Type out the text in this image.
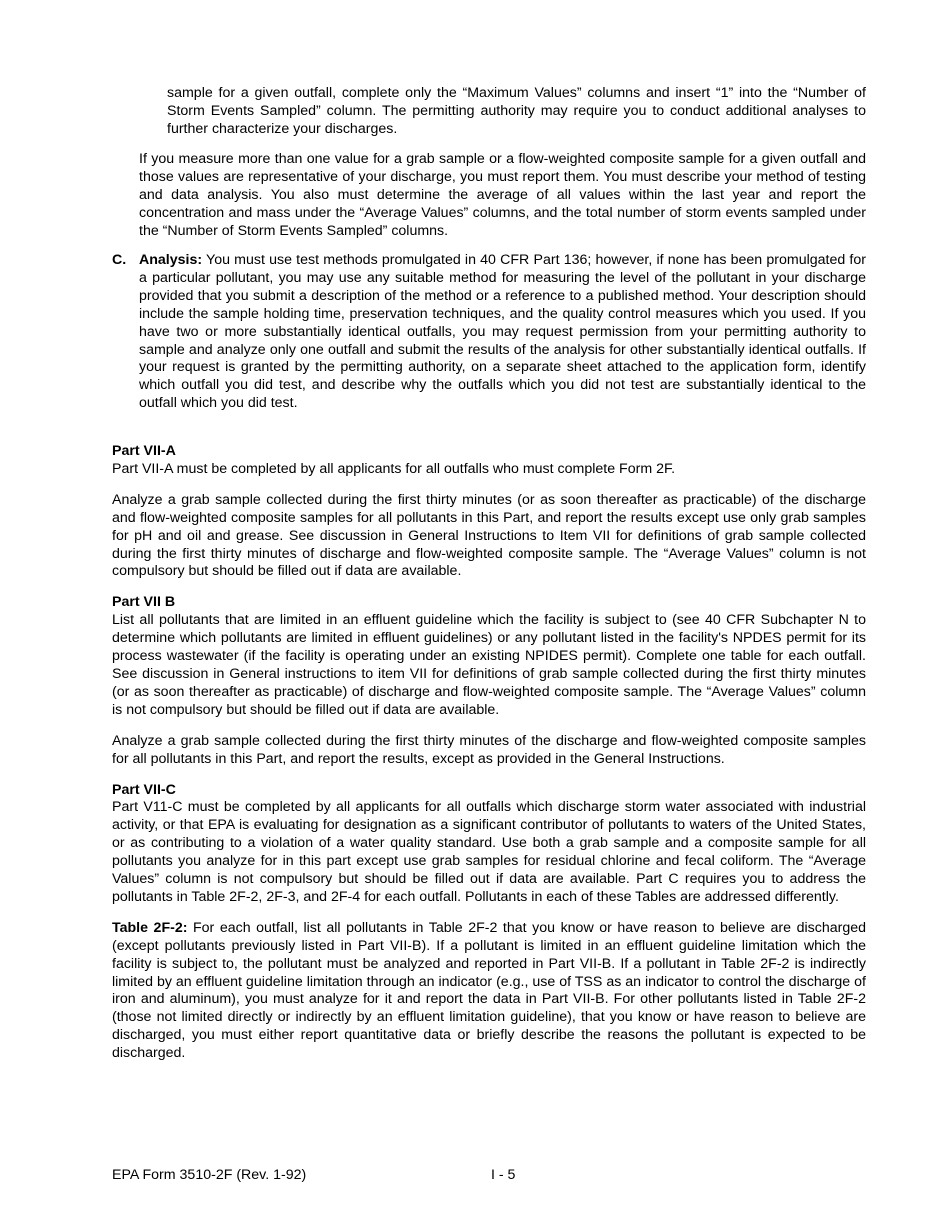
sample for a given outfall, complete only the “Maximum Values” columns and insert “1” into the “Number of Storm Events Sampled” column. The permitting authority may require you to conduct additional analyses to further characterize your discharges.

If you measure more than one value for a grab sample or a flow-weighted composite sample for a given outfall and those values are representative of your discharge, you must report them. You must describe your method of testing and data analysis. You also must determine the average of all values within the last year and report the concentration and mass under the “Average Values” columns, and the total number of storm events sampled under the “Number of Storm Events Sampled” columns.

C. Analysis: You must use test methods promulgated in 40 CFR Part 136; however, if none has been promulgated for a particular pollutant, you may use any suitable method for measuring the level of the pollutant in your discharge provided that you submit a description of the method or a reference to a published method. Your description should include the sample holding time, preservation techniques, and the quality control measures which you used. If you have two or more substantially identical outfalls, you may request permission from your permitting authority to sample and analyze only one outfall and submit the results of the analysis for other substantially identical outfalls. If your request is granted by the permitting authority, on a separate sheet attached to the application form, identify which outfall you did test, and describe why the outfalls which you did not test are substantially identical to the outfall which you did test.

Part VII-A

Part VII-A must be completed by all applicants for all outfalls who must complete Form 2F.

Analyze a grab sample collected during the first thirty minutes (or as soon thereafter as practicable) of the discharge and flow-weighted composite samples for all pollutants in this Part, and report the results except use only grab samples for pH and oil and grease. See discussion in General Instructions to Item VII for definitions of grab sample collected during the first thirty minutes of discharge and flow-weighted composite sample. The “Average Values” column is not compulsory but should be filled out if data are available.

Part VII B

List all pollutants that are limited in an effluent guideline which the facility is subject to (see 40 CFR Subchapter N to determine which pollutants are limited in effluent guidelines) or any pollutant listed in the facility's NPDES permit for its process wastewater (if the facility is operating under an existing NPIDES permit). Complete one table for each outfall. See discussion in General instructions to item VII for definitions of grab sample collected during the first thirty minutes (or as soon thereafter as practicable) of discharge and flow-weighted composite sample. The “Average Values” column is not compulsory but should be filled out if data are available.

Analyze a grab sample collected during the first thirty minutes of the discharge and flow-weighted composite samples for all pollutants in this Part, and report the results, except as provided in the General Instructions.

Part VII-C

Part V11-C must be completed by all applicants for all outfalls which discharge storm water associated with industrial activity, or that EPA is evaluating for designation as a significant contributor of pollutants to waters of the United States, or as contributing to a violation of a water quality standard. Use both a grab sample and a composite sample for all pollutants you analyze for in this part except use grab samples for residual chlorine and fecal coliform. The “Average Values” column is not compulsory but should be filled out if data are available. Part C requires you to address the pollutants in Table 2F-2, 2F-3, and 2F-4 for each outfall. Pollutants in each of these Tables are addressed differently.

Table 2F-2: For each outfall, list all pollutants in Table 2F-2 that you know or have reason to believe are discharged (except pollutants previously listed in Part VII-B). If a pollutant is limited in an effluent guideline limitation which the facility is subject to, the pollutant must be analyzed and reported in Part VII-B. If a pollutant in Table 2F-2 is indirectly limited by an effluent guideline limitation through an indicator (e.g., use of TSS as an indicator to control the discharge of iron and aluminum), you must analyze for it and report the data in Part VII-B. For other pollutants listed in Table 2F-2 (those not limited directly or indirectly by an effluent limitation guideline), that you know or have reason to believe are discharged, you must either report quantitative data or briefly describe the reasons the pollutant is expected to be discharged.

EPA Form 3510-2F (Rev. 1-92)	I - 5
